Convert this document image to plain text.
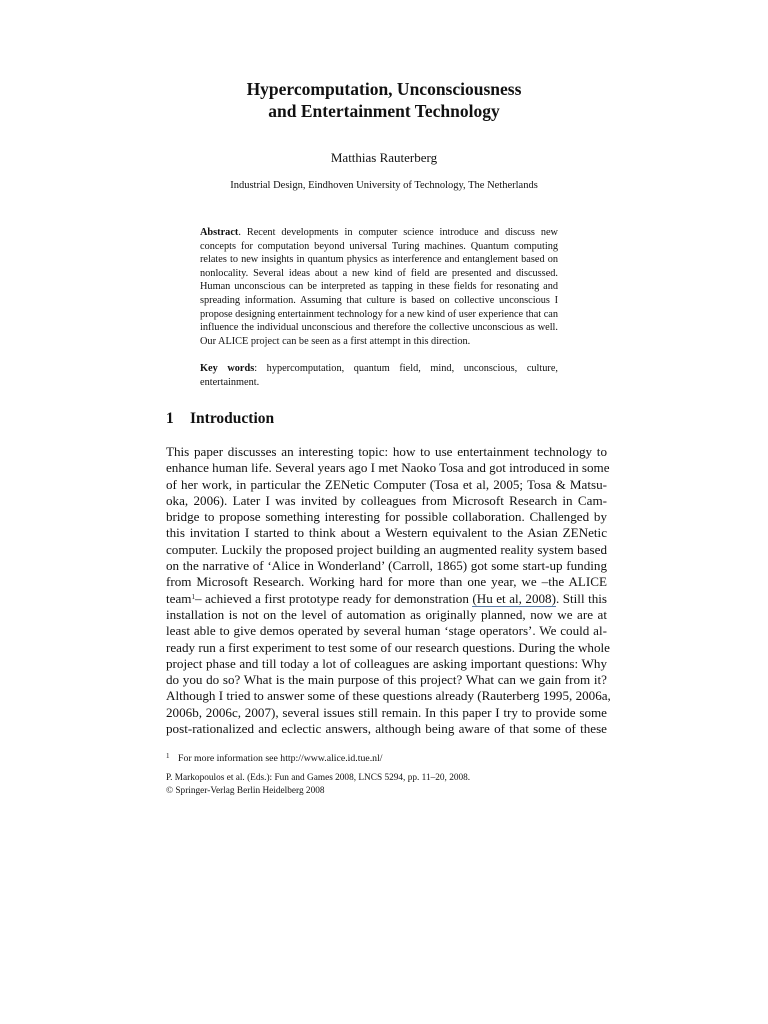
Hypercomputation, Unconsciousness
and Entertainment Technology
Matthias Rauterberg
Industrial Design, Eindhoven University of Technology, The Netherlands
Abstract. Recent developments in computer science introduce and discuss new concepts for computation beyond universal Turing machines. Quantum computing relates to new insights in quantum physics as interference and entanglement based on nonlocality. Several ideas about a new kind of field are presented and discussed. Human unconscious can be interpreted as tapping in these fields for resonating and spreading information. Assuming that culture is based on collective unconscious I propose designing entertainment technology for a new kind of user experience that can influence the individual unconscious and therefore the collective unconscious as well. Our ALICE project can be seen as a first attempt in this direction.
Key words: hypercomputation, quantum field, mind, unconscious, culture, entertainment.
1 Introduction
This paper discusses an interesting topic: how to use entertainment technology to
enhance human life. Several years ago I met Naoko Tosa and got introduced in some
of her work, in particular the ZENetic Computer (Tosa et al, 2005; Tosa & Matsu-
oka, 2006). Later I was invited by colleagues from Microsoft Research in Cam-
bridge to propose something interesting for possible collaboration. Challenged by
this invitation I started to think about a Western equivalent to the Asian ZENetic
computer. Luckily the proposed project building an augmented reality system based
on the narrative of ‘Alice in Wonderland’ (Carroll, 1865) got some start-up funding
from Microsoft Research. Working hard for more than one year, we –the ALICE
team$^1$– achieved a first prototype ready for demonstration (Hu et al, 2008). Still this
installation is not on the level of automation as originally planned, now we are at
least able to give demos operated by several human ‘stage operators’. We could al-
ready run a first experiment to test some of our research questions. During the whole
project phase and till today a lot of colleagues are asking important questions: Why
do you do so? What is the main purpose of this project? What can we gain from it?
Although I tried to answer some of these questions already (Rauterberg 1995, 2006a,
2006b, 2006c, 2007), several issues still remain. In this paper I try to provide some
post-rationalized and eclectic answers, although being aware of that some of these
1 For more information see http://www.alice.id.tue.nl/
P. Markopoulos et al. (Eds.): Fun and Games 2008, LNCS 5294, pp. 11–20, 2008.
© Springer-Verlag Berlin Heidelberg 2008
